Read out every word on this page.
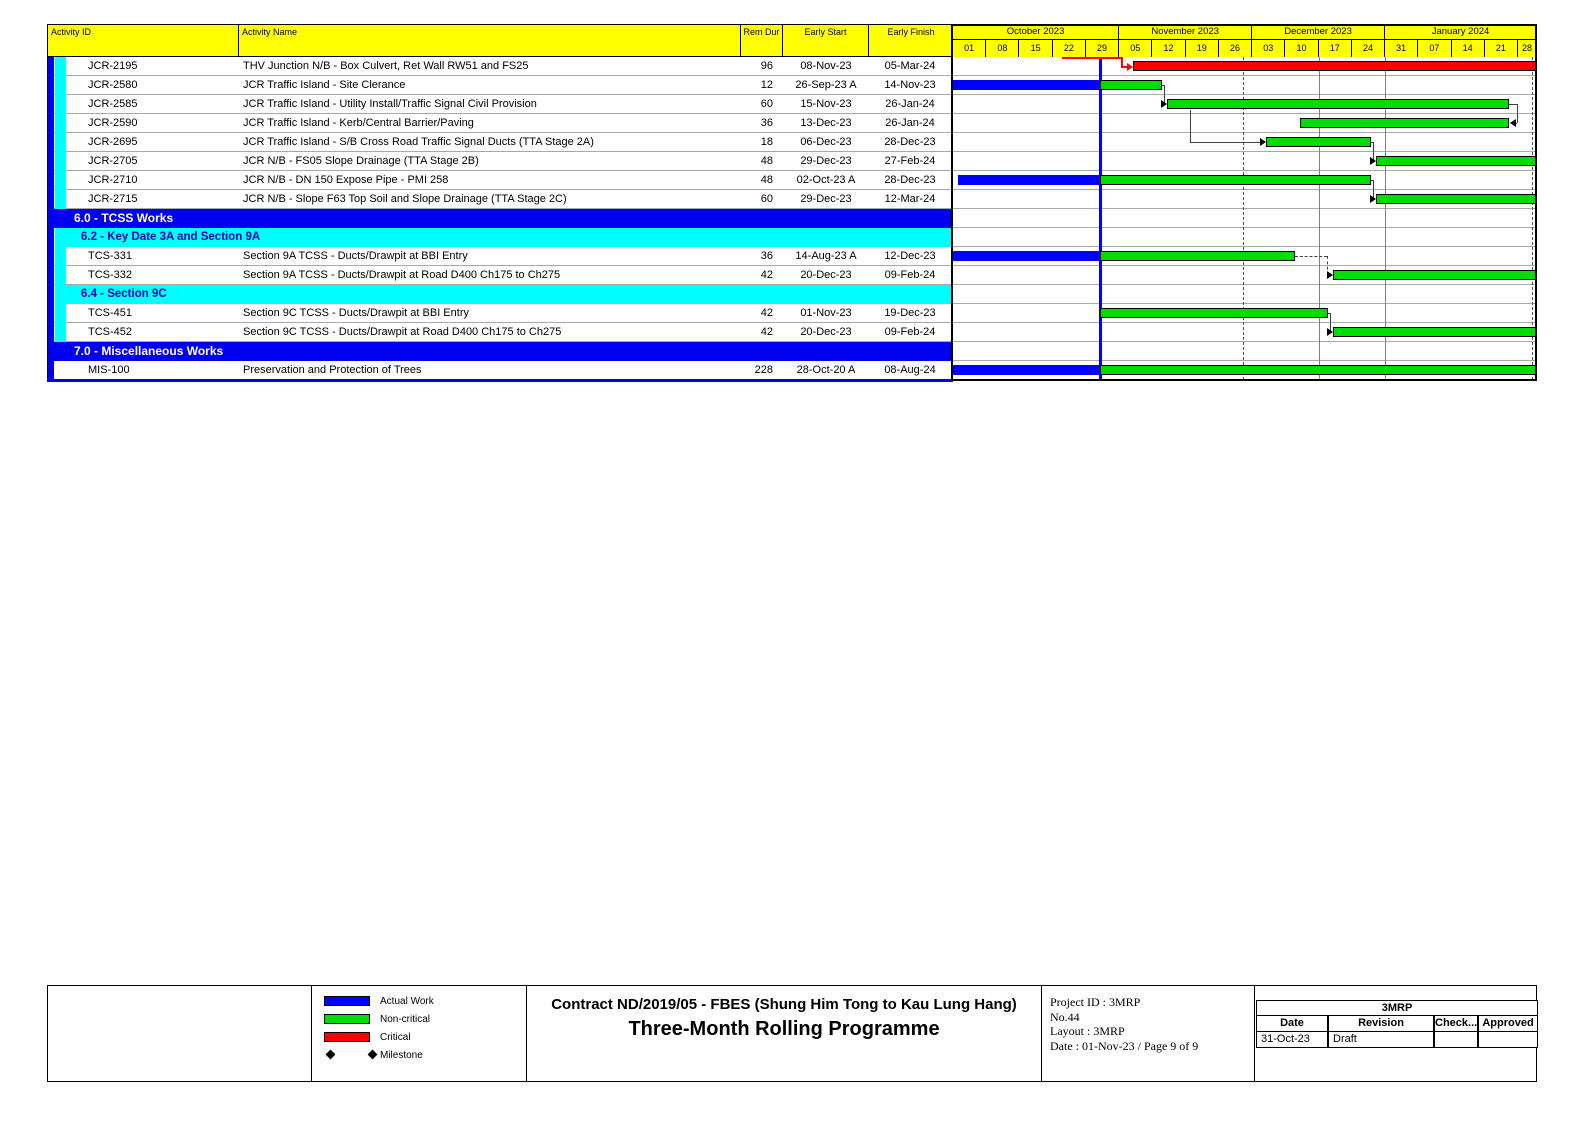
Activity ID	Activity Name	Rem Dur	Early Start	Early Finish	October 2023	November 2023	December 2023	January 2024
01	08	15	22	29	05	12	19	26	03	10	17	24	31	07	14	21	28
JCR-2195	THV Junction N/B - Box Culvert, Ret Wall RW51 and FS25	96	08-Nov-23	05-Mar-24
JCR-2580	JCR Traffic Island - Site Clerance	12	26-Sep-23 A	14-Nov-23
JCR-2585	JCR Traffic Island - Utility Install/Traffic Signal Civil Provision	60	15-Nov-23	26-Jan-24
JCR-2590	JCR Traffic Island - Kerb/Central Barrier/Paving	36	13-Dec-23	26-Jan-24
JCR-2695	JCR Traffic Island - S/B Cross Road Traffic Signal Ducts (TTA Stage 2A)	18	06-Dec-23	28-Dec-23
JCR-2705	JCR N/B - FS05 Slope Drainage (TTA Stage 2B)	48	29-Dec-23	27-Feb-24
JCR-2710	JCR N/B - DN 150 Expose Pipe - PMI 258	48	02-Oct-23 A	28-Dec-23
JCR-2715	JCR N/B - Slope F63 Top Soil and Slope Drainage (TTA Stage 2C)	60	29-Dec-23	12-Mar-24
6.0 - TCSS Works
6.2 - Key Date 3A and Section 9A
TCS-331	Section 9A TCSS - Ducts/Drawpit at BBI Entry	36	14-Aug-23 A	12-Dec-23
TCS-332	Section 9A TCSS - Ducts/Drawpit at Road D400 Ch175 to Ch275	42	20-Dec-23	09-Feb-24
6.4 - Section 9C
TCS-451	Section 9C TCSS - Ducts/Drawpit at BBI Entry	42	01-Nov-23	19-Dec-23
TCS-452	Section 9C TCSS - Ducts/Drawpit at Road D400 Ch175 to Ch275	42	20-Dec-23	09-Feb-24
7.0 - Miscellaneous Works
MIS-100	Preservation and Protection of Trees	228	28-Oct-20 A	08-Aug-24
Actual Work
Non-critical
Critical
Milestone
Contract ND/2019/05 - FBES (Shung Him Tong to Kau Lung Hang)
Three-Month Rolling Programme
Project ID : 3MRP
No.44
Layout : 3MRP
Date : 01-Nov-23 / Page 9 of 9
3MRP
Date	Revision	Check... Approved
31-Oct-23	Draft
